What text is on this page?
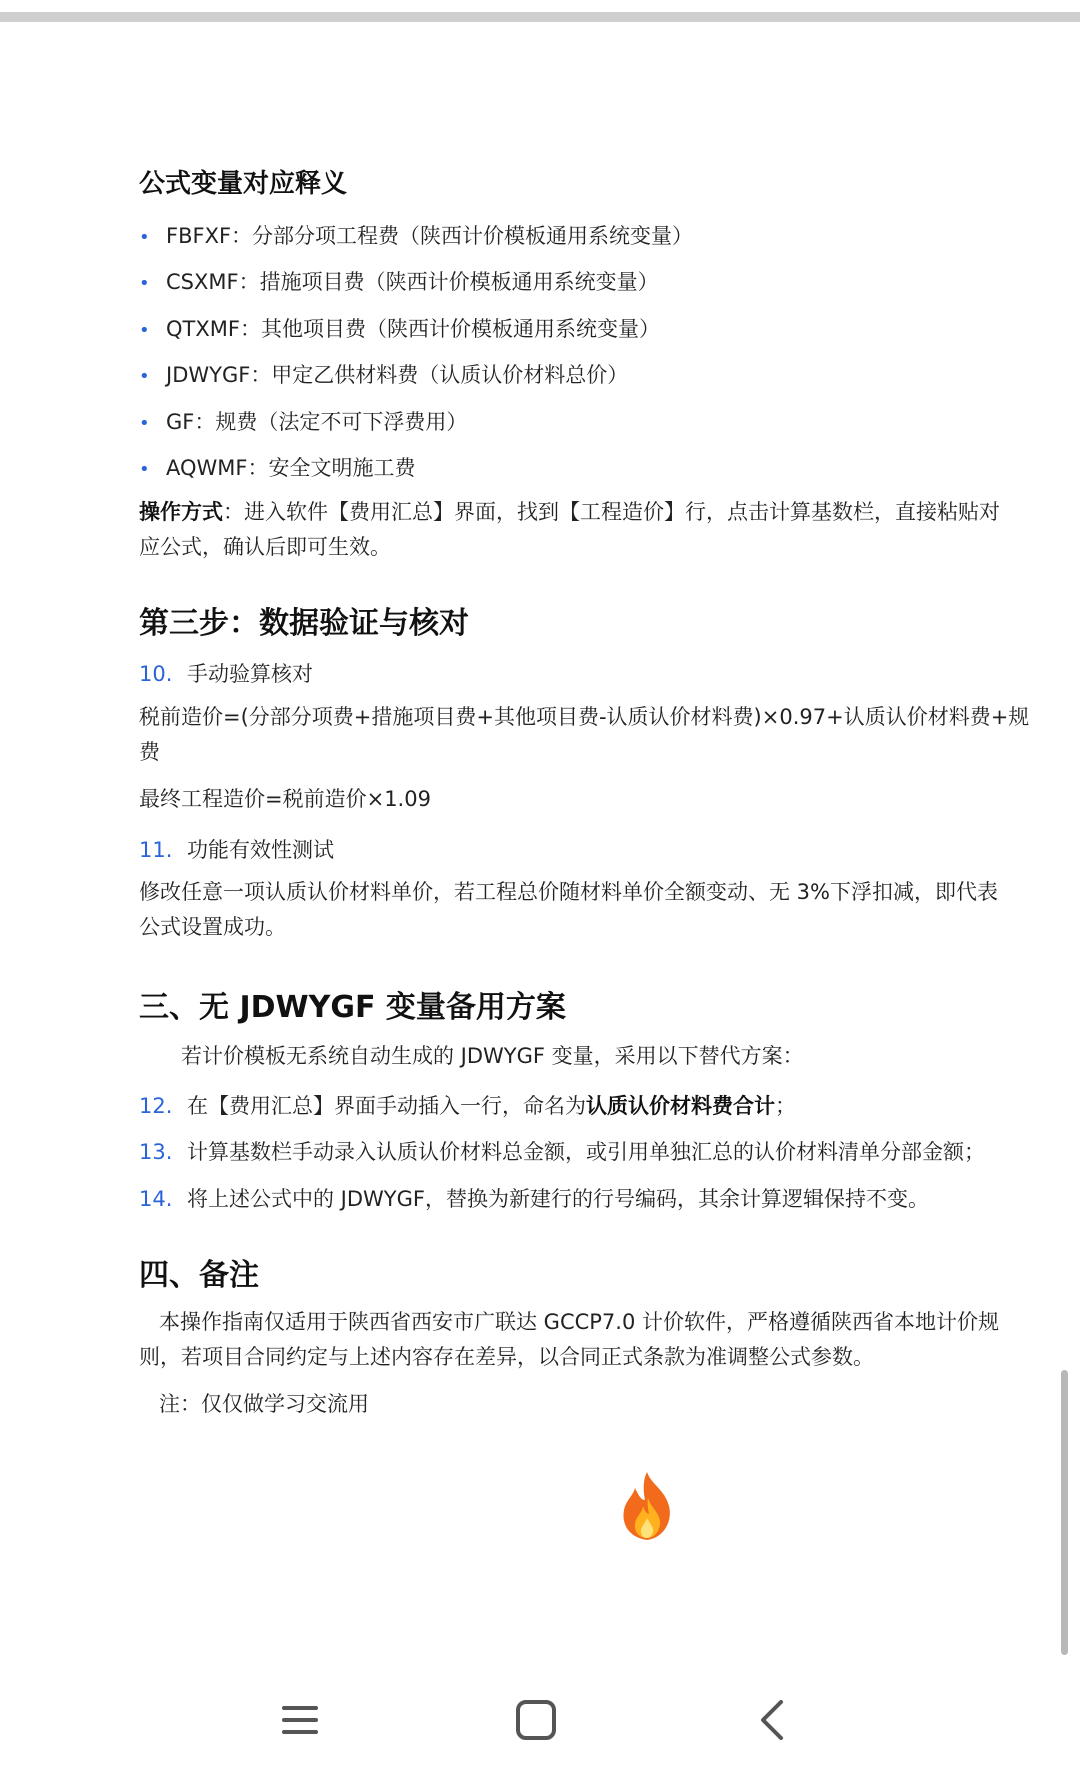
公式变量对应释义
• FBFXF：分部分项工程费（陕西计价模板通用系统变量）
• CSXMF：措施项目费（陕西计价模板通用系统变量）
• QTXMF：其他项目费（陕西计价模板通用系统变量）
• JDWYGF：甲定乙供材料费（认质认价材料总价）
• GF：规费（法定不可下浮费用）
• AQWMF：安全文明施工费
操作方式：进入软件【费用汇总】界面，找到【工程造价】行，点击计算基数栏，直接粘贴对
应公式，确认后即可生效。
第三步：数据验证与核对
10. 手动验算核对
税前造价=(分部分项费+措施项目费+其他项目费-认质认价材料费)×0.97+认质认价材料费+规
费
最终工程造价=税前造价×1.09
11. 功能有效性测试
修改任意一项认质认价材料单价，若工程总价随材料单价全额变动、无 3%下浮扣减，即代表
公式设置成功。
三、无 JDWYGF 变量备用方案
若计价模板无系统自动生成的 JDWYGF 变量，采用以下替代方案：
12. 在【费用汇总】界面手动插入一行，命名为认质认价材料费合计；
13. 计算基数栏手动录入认质认价材料总金额，或引用单独汇总的认价材料清单分部金额；
14. 将上述公式中的 JDWYGF，替换为新建行的行号编码，其余计算逻辑保持不变。
四、备注
本操作指南仅适用于陕西省西安市广联达 GCCP7.0 计价软件，严格遵循陕西省本地计价规
则，若项目合同约定与上述内容存在差异，以合同正式条款为准调整公式参数。
注：仅仅做学习交流用
